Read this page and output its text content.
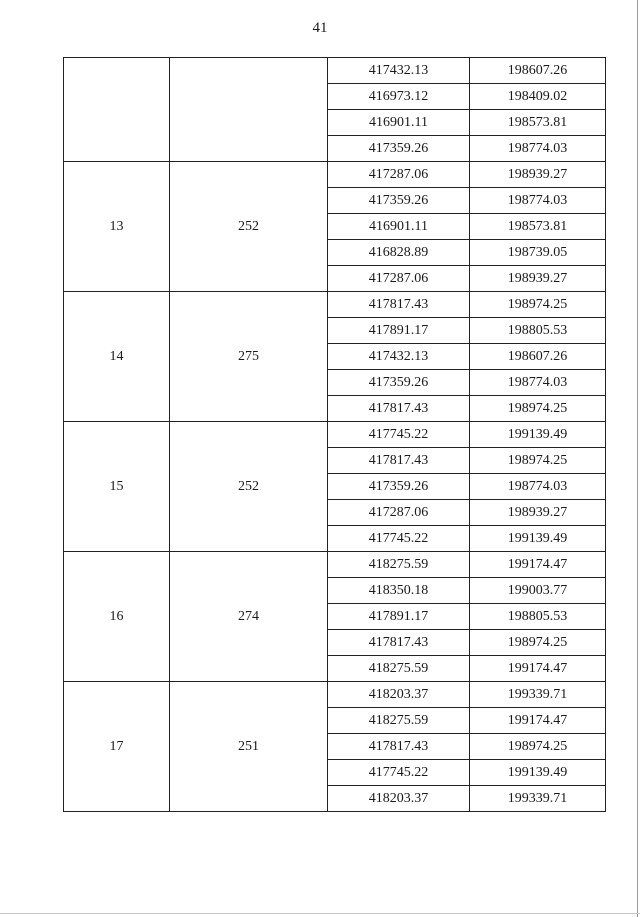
41
		417432.13	198607.26
		416973.12	198409.02
		416901.11	198573.81
		417359.26	198774.03
13	252	417287.06	198939.27
		417359.26	198774.03
		416901.11	198573.81
		416828.89	198739.05
		417287.06	198939.27
14	275	417817.43	198974.25
		417891.17	198805.53
		417432.13	198607.26
		417359.26	198774.03
		417817.43	198974.25
15	252	417745.22	199139.49
		417817.43	198974.25
		417359.26	198774.03
		417287.06	198939.27
		417745.22	199139.49
16	274	418275.59	199174.47
		418350.18	199003.77
		417891.17	198805.53
		417817.43	198974.25
		418275.59	199174.47
17	251	418203.37	199339.71
		418275.59	199174.47
		417817.43	198974.25
		417745.22	199139.49
		418203.37	199339.71
